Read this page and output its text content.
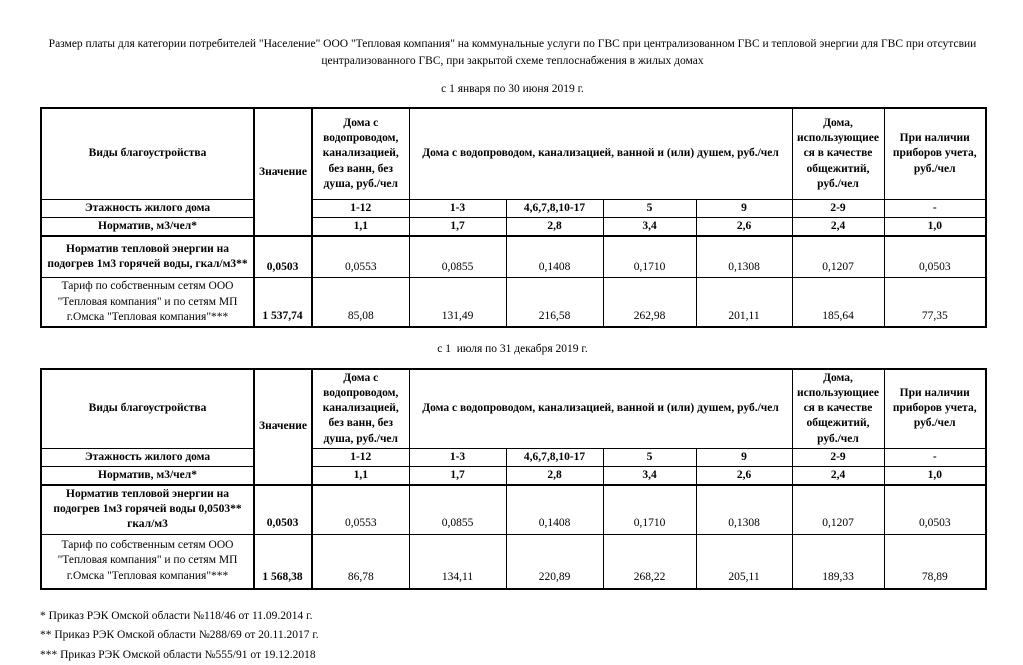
Размер платы для категории потребителей "Население" ООО "Тепловая компания" на коммунальные услуги по ГВС при централизованном ГВС и тепловой энергии для ГВС при отсутсвии
централизованного ГВС, при закрытой схеме теплоснабжения в жилых домах
с 1 января по 30 июня 2019 г.
Виды благоустройства	Значение	Дома с водопроводом, канализацией, без ванн, без душа, руб./чел	Дома с водопроводом, канализацией, ванной и (или) душем, руб./чел				Дома, использующиееся в качестве общежитий, руб./чел	При наличии приборов учета, руб./чел
Этажность жилого дома		1-12	1-3	4,6,7,8,10-17	5	9	2-9	-
Норматив, м3/чел*		1,1	1,7	2,8	3,4	2,6	2,4	1,0
Норматив тепловой энергии на подогрев 1м3 горячей воды, гкал/м3**	0,0503	0,0553	0,0855	0,1408	0,1710	0,1308	0,1207	0,0503
Тариф по собственным сетям ООО "Тепловая компания" и по сетям МП г.Омска "Тепловая компания"***	1 537,74	85,08	131,49	216,58	262,98	201,11	185,64	77,35
с 1  июля по 31 декабря 2019 г.
Виды благоустройства	Значение	Дома с водопроводом, канализацией, без ванн, без душа, руб./чел	Дома с водопроводом, канализацией, ванной и (или) душем, руб./чел				Дома, использующиееся в качестве общежитий, руб./чел	При наличии приборов учета, руб./чел
Этажность жилого дома		1-12	1-3	4,6,7,8,10-17	5	9	2-9	-
Норматив, м3/чел*		1,1	1,7	2,8	3,4	2,6	2,4	1,0
Норматив тепловой энергии на подогрев 1м3 горячей воды 0,0503** гкал/м3	0,0503	0,0553	0,0855	0,1408	0,1710	0,1308	0,1207	0,0503
Тариф по собственным сетям ООО "Тепловая компания" и по сетям МП г.Омска "Тепловая компания"***	1 568,38	86,78	134,11	220,89	268,22	205,11	189,33	78,89
* Приказ РЭК Омской области №118/46 от 11.09.2014 г.
** Приказ РЭК Омской области №288/69 от 20.11.2017 г.
*** Приказ РЭК Омской области №555/91 от 19.12.2018
